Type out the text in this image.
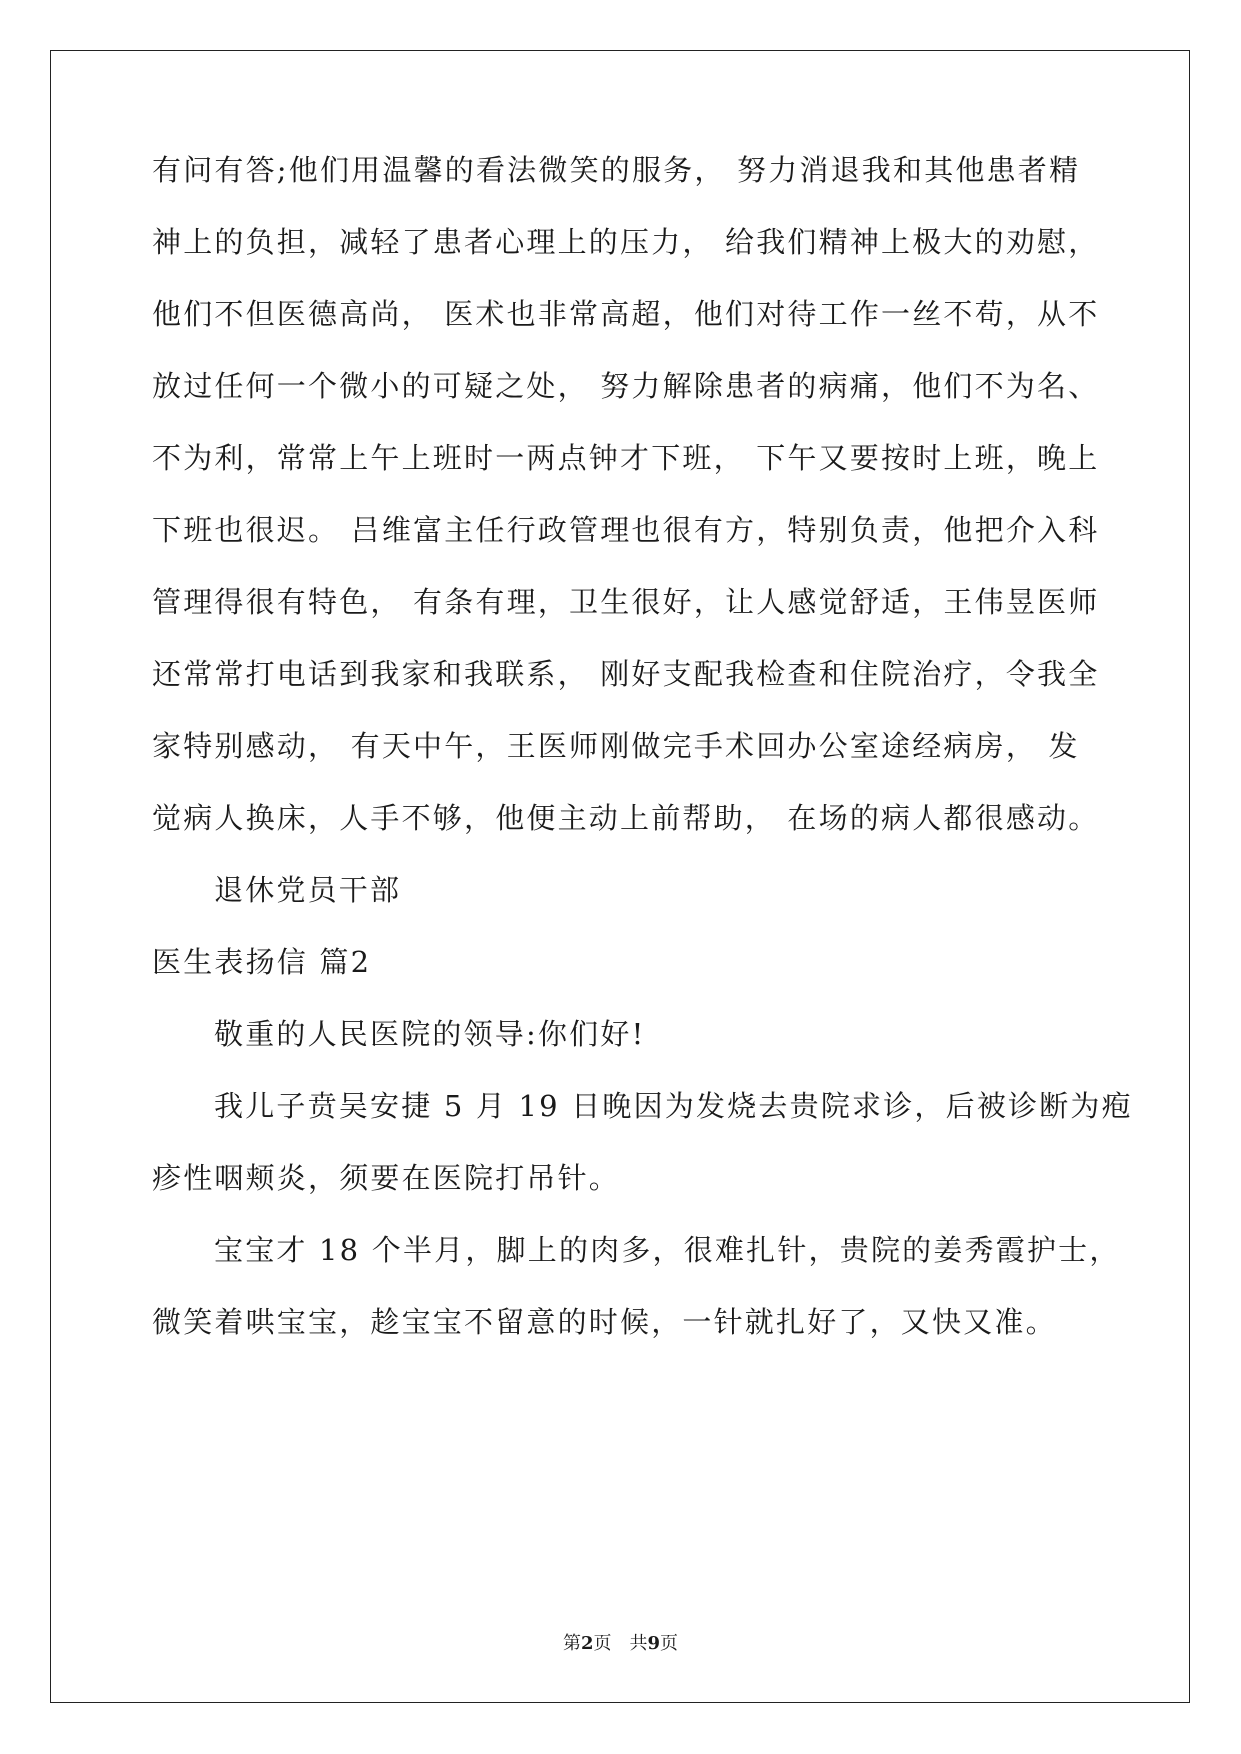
有问有答;他们用温馨的看法微笑的服务， 努力消退我和其他患者精
神上的负担，减轻了患者心理上的压力， 给我们精神上极大的劝慰，
他们不但医德高尚， 医术也非常高超，他们对待工作一丝不苟，从不
放过任何一个微小的可疑之处， 努力解除患者的病痛，他们不为名、
不为利，常常上午上班时一两点钟才下班， 下午又要按时上班，晚上
下班也很迟。 吕维富主任行政管理也很有方，特别负责，他把介入科
管理得很有特色， 有条有理，卫生很好，让人感觉舒适，王伟昱医师
还常常打电话到我家和我联系， 刚好支配我检查和住院治疗，令我全
家特别感动， 有天中午，王医师刚做完手术回办公室途经病房， 发
觉病人换床，人手不够，他便主动上前帮助， 在场的病人都很感动。
退休党员干部
医生表扬信 篇2
敬重的人民医院的领导:你们好!
我儿子贲吴安捷 5 月 19 日晚因为发烧去贵院求诊，后被诊断为疱
疹性咽颊炎，须要在医院打吊针。
宝宝才 18 个半月，脚上的肉多，很难扎针，贵院的姜秀霞护士，
微笑着哄宝宝，趁宝宝不留意的时候，一针就扎好了，又快又准。
第2页 共9页
